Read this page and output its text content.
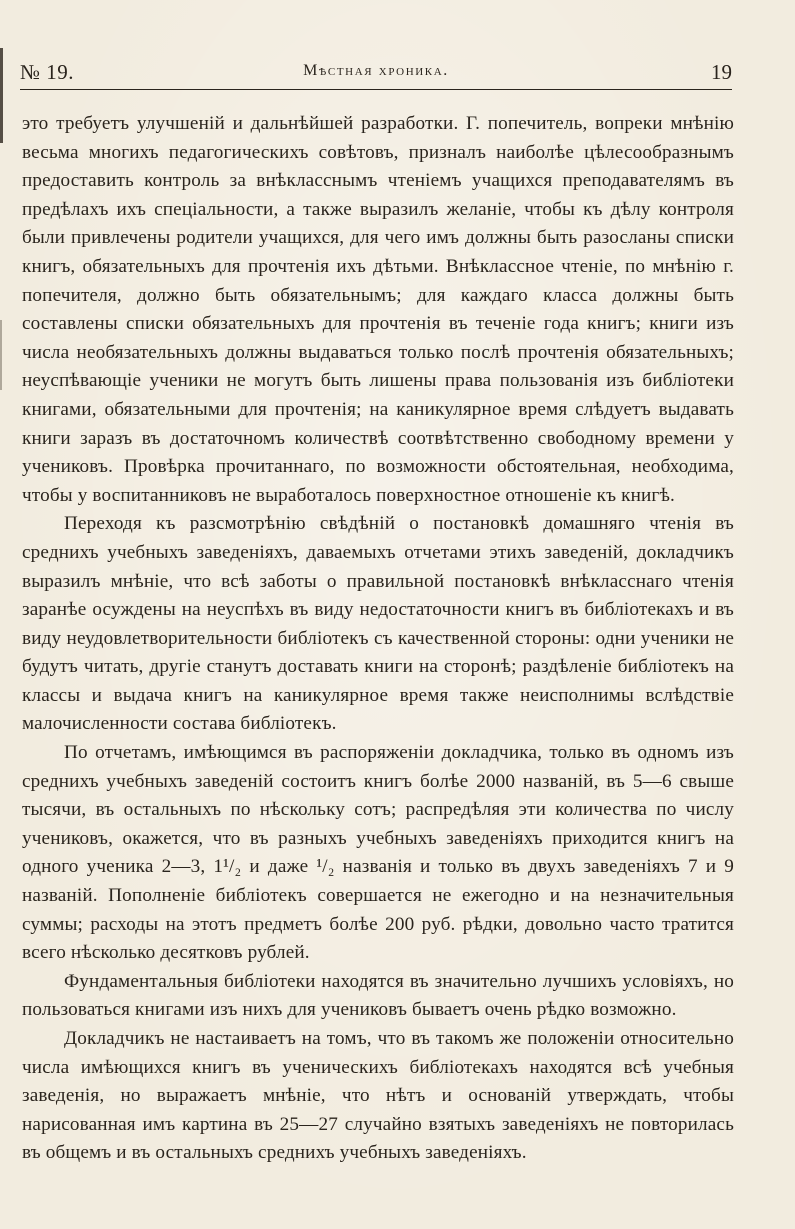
№ 19.	Мѣстная хроника.	19

это требуетъ улучшеній и дальнѣйшей разработки. Г. попечитель, вопреки мнѣнію весьма многихъ педагогическихъ совѣтовъ, призналъ наиболѣе цѣлесообразнымъ предоставить контроль за внѣкласснымъ чтеніемъ учащихся преподавателямъ въ предѣлахъ ихъ спеціальности, а также выразилъ желаніе, чтобы къ дѣлу контроля были привлечены родители учащихся, для чего имъ должны быть разосланы списки книгъ, обязательныхъ для прочтенія ихъ дѣтьми. Внѣклассное чтеніе, по мнѣнію г. попечителя, должно быть обязательнымъ; для каждаго класса должны быть составлены списки обязательныхъ для прочтенія въ теченіе года книгъ; книги изъ числа необязательныхъ должны выдаваться только послѣ прочтенія обязательныхъ; неуспѣвающіе ученики не могутъ быть лишены права пользованія изъ библіотеки книгами, обязательными для прочтенія; на каникулярное время слѣдуетъ выдавать книги заразъ въ достаточномъ количествѣ соотвѣтственно свободному времени у учениковъ. Провѣрка прочитаннаго, по возможности обстоятельная, необходима, чтобы у воспитанниковъ не выработалось поверхностное отношеніе къ книгѣ.

Переходя къ разсмотрѣнію свѣдѣній о постановкѣ домашняго чтенія въ среднихъ учебныхъ заведеніяхъ, даваемыхъ отчетами этихъ заведеній, докладчикъ выразилъ мнѣніе, что всѣ заботы о правильной постановкѣ внѣкласснаго чтенія заранѣе осуждены на неуспѣхъ въ виду недостаточности книгъ въ библіотекахъ и въ виду неудовлетворительности библіотекъ съ качественной стороны: одни ученики не будутъ читать, другіе станутъ доставать книги на сторонѣ; раздѣленіе библіотекъ на классы и выдача книгъ на каникулярное время также неисполнимы вслѣдствіе малочисленности состава библіотекъ.

По отчетамъ, имѣющимся въ распоряженіи докладчика, только въ одномъ изъ среднихъ учебныхъ заведеній состоитъ книгъ болѣе 2000 названій, въ 5—6 свыше тысячи, въ остальныхъ по нѣскольку сотъ; распредѣляя эти количества по числу учениковъ, окажется, что въ разныхъ учебныхъ заведеніяхъ приходится книгъ на одного ученика 2—3, 1¹/₂ и даже ¹/₂ названія и только въ двухъ заведеніяхъ 7 и 9 названій. Пополненіе библіотекъ совершается не ежегодно и на незначительныя суммы; расходы на этотъ предметъ болѣе 200 руб. рѣдки, довольно часто тратится всего нѣсколько десятковъ рублей.

Фундаментальныя библіотеки находятся въ значительно лучшихъ условіяхъ, но пользоваться книгами изъ нихъ для учениковъ бываетъ очень рѣдко возможно.

Докладчикъ не настаиваетъ на томъ, что въ такомъ же положеніи относительно числа имѣющихся книгъ въ ученическихъ библіотекахъ находятся всѣ учебныя заведенія, но выражаетъ мнѣніе, что нѣтъ и основаній утверждать, чтобы нарисованная имъ картина въ 25—27 случайно взятыхъ заведеніяхъ не повторилась въ общемъ и въ остальныхъ среднихъ учебныхъ заведеніяхъ.
